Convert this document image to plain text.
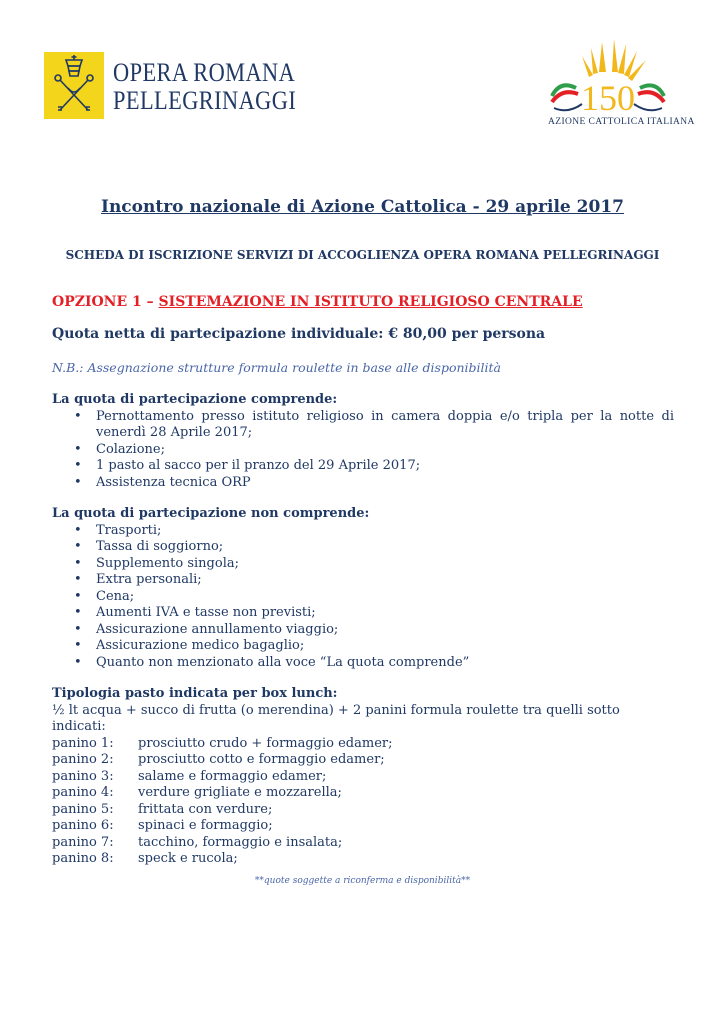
OPERA ROMANA
PELLEGRINAGGI	150
AZIONE CATTOLICA ITALIANA
Incontro nazionale di Azione Cattolica - 29 aprile 2017
SCHEDA DI ISCRIZIONE SERVIZI DI ACCOGLIENZA OPERA ROMANA PELLEGRINAGGI
OPZIONE 1 – SISTEMAZIONE IN ISTITUTO RELIGIOSO CENTRALE
Quota netta di partecipazione individuale: € 80,00 per persona
N.B.: Assegnazione strutture formula roulette in base alle disponibilità
La quota di partecipazione comprende:
• Pernottamento presso istituto religioso in camera doppia e/o tripla per la notte di venerdì 28 Aprile 2017;
• Colazione;
• 1 pasto al sacco per il pranzo del 29 Aprile 2017;
• Assistenza tecnica ORP
La quota di partecipazione non comprende:
• Trasporti;
• Tassa di soggiorno;
• Supplemento singola;
• Extra personali;
• Cena;
• Aumenti IVA e tasse non previsti;
• Assicurazione annullamento viaggio;
• Assicurazione medico bagaglio;
• Quanto non menzionato alla voce “La quota comprende”
Tipologia pasto indicata per box lunch:
½ lt acqua + succo di frutta (o merendina) + 2 panini formula roulette tra quelli sotto indicati:
panino 1:	prosciutto crudo + formaggio edamer;
panino 2:	prosciutto cotto e formaggio edamer;
panino 3:	salame e formaggio edamer;
panino 4:	verdure grigliate e mozzarella;
panino 5:	frittata con verdure;
panino 6:	spinaci e formaggio;
panino 7:	tacchino, formaggio e insalata;
panino 8:	speck e rucola;
**quote soggette a riconferma e disponibilità**
